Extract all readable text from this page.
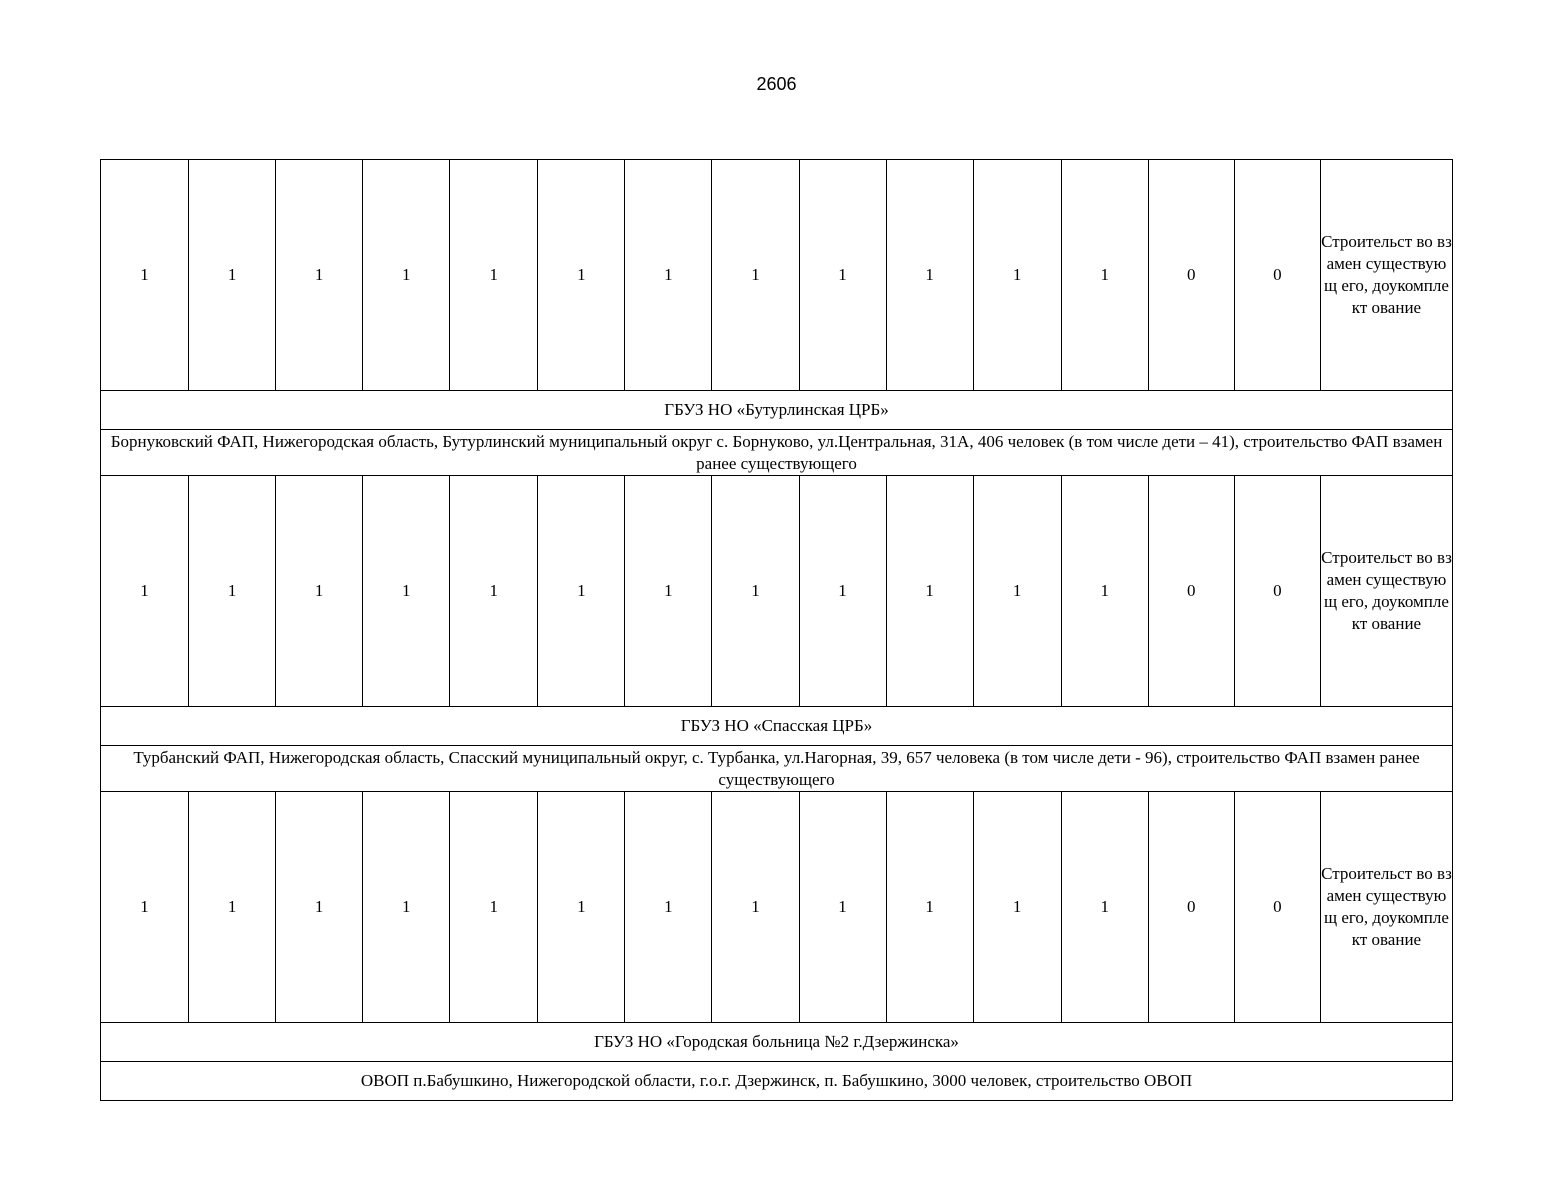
2606
1	1	1	1	1	1	1	1	1	1	1	1	0	0	Строительст во взамен существующ его, доукомплект ование
ГБУЗ НО «Бутурлинская ЦРБ»														
Борнуковский ФАП, Нижегородская область, Бутурлинский муниципальный округ с. Борнуково, ул.Центральная, 31А, 406 человек (в том числе дети – 41), строительство ФАП взамен ранее существующего														
1	1	1	1	1	1	1	1	1	1	1	1	0	0	Строительст во взамен существующ его, доукомплект ование
ГБУЗ НО «Спасская ЦРБ»														
Турбанский ФАП, Нижегородская область, Спасский муниципальный округ, с. Турбанка, ул.Нагорная, 39, 657 человека (в том числе дети - 96), строительство ФАП взамен ранее существующего														
1	1	1	1	1	1	1	1	1	1	1	1	0	0	Строительст во взамен существующ его, доукомплект ование
ГБУЗ НО «Городская больница №2 г.Дзержинска»														
ОВОП п.Бабушкино, Нижегородской области, г.о.г. Дзержинск, п. Бабушкино, 3000 человек, строительство ОВОП														
